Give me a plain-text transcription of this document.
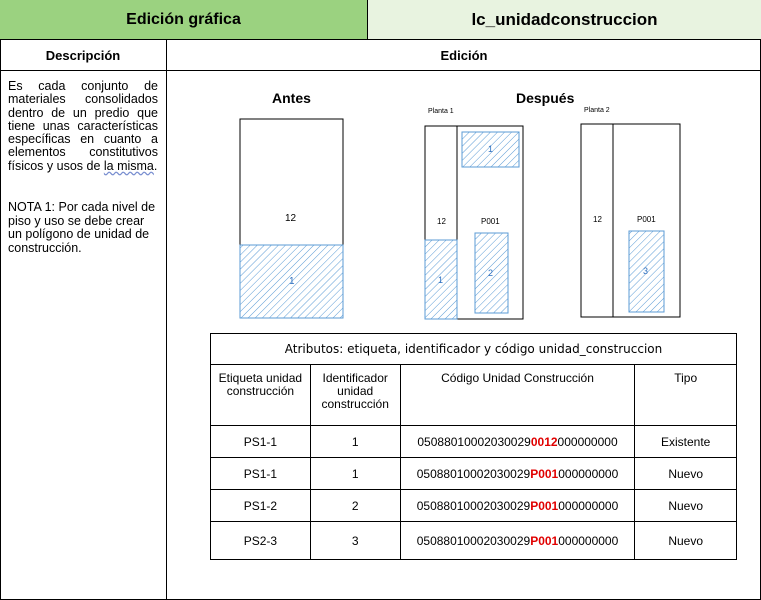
Edición gráfica	lc_unidadconstruccion
Descripción	Edición

Es cada conjunto de materiales consolidados dentro de un predio que tiene unas características específicas en cuanto a elementos constitutivos físicos y usos de la misma.

NOTA 1: Por cada nivel de piso y uso se debe crear un polígono de unidad de construcción.

Antes	Después
Planta 1	Planta 2
12
1
12
1
P001
1
2
12	P001
3
Atributos: etiqueta, identificador y código unidad_construccion			
Etiqueta unidad construcción	Identificador unidad construcción	Código Unidad Construcción	Tipo
PS1-1	1	050880100020300290012000000000	Existente
PS1-1	1	05088010002030029P001000000000	Nuevo
PS1-2	2	05088010002030029P001000000000	Nuevo
PS2-3	3	05088010002030029P001000000000	Nuevo
